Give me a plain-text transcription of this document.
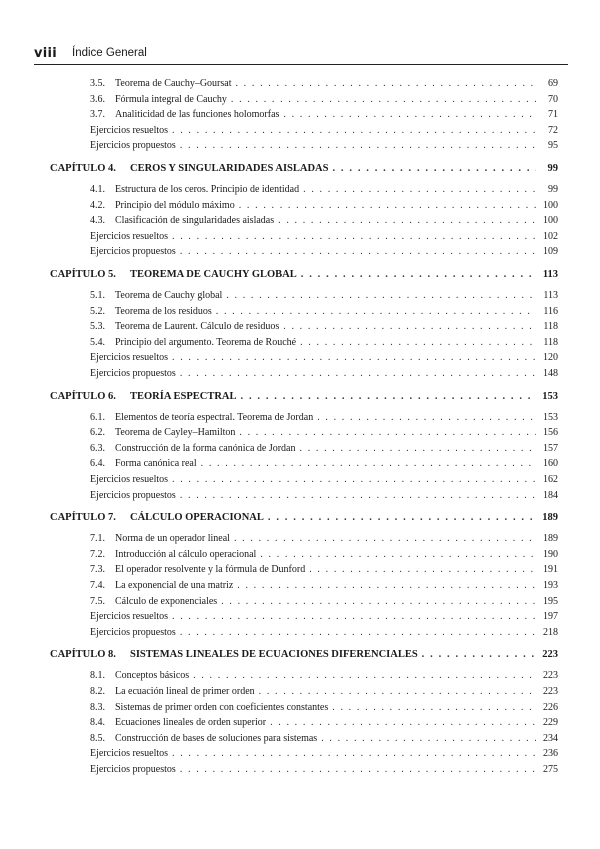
viii Índice General
3.5. Teorema de Cauchy–Goursat . . .	69
3.6. Fórmula integral de Cauchy . . .	70
3.7. Analiticidad de las funciones holomorfas . . .	71
Ejercicios resueltos . . .	72
Ejercicios propuestos . . .	95
CAPÍTULO 4. CEROS Y SINGULARIDADES AISLADAS . . .	99
4.1. Estructura de los ceros. Principio de identidad . . .	99
4.2. Principio del módulo máximo . . .	100
4.3. Clasificación de singularidades aisladas . . .	100
Ejercicios resueltos . . .	102
Ejercicios propuestos . . .	109
CAPÍTULO 5. TEOREMA DE CAUCHY GLOBAL . . .	113
5.1. Teorema de Cauchy global . . .	113
5.2. Teorema de los residuos . . .	116
5.3. Teorema de Laurent. Cálculo de residuos . . .	118
5.4. Principio del argumento. Teorema de Rouché . . .	118
Ejercicios resueltos . . .	120
Ejercicios propuestos . . .	148
CAPÍTULO 6. TEORÍA ESPECTRAL . . .	153
6.1. Elementos de teoría espectral. Teorema de Jordan . . .	153
6.2. Teorema de Cayley–Hamilton . . .	156
6.3. Construcción de la forma canónica de Jordan . . .	157
6.4. Forma canónica real . . .	160
Ejercicios resueltos . . .	162
Ejercicios propuestos . . .	184
CAPÍTULO 7. CÁLCULO OPERACIONAL . . .	189
7.1. Norma de un operador lineal . . .	189
7.2. Introducción al cálculo operacional . . .	190
7.3. El operador resolvente y la fórmula de Dunford . . .	191
7.4. La exponencial de una matriz . . .	193
7.5. Cálculo de exponenciales . . .	195
Ejercicios resueltos . . .	197
Ejercicios propuestos . . .	218
CAPÍTULO 8. SISTEMAS LINEALES DE ECUACIONES DIFERENCIALES . . .	223
8.1. Conceptos básicos . . .	223
8.2. La ecuación lineal de primer orden . . .	223
8.3. Sistemas de primer orden con coeficientes constantes . . .	226
8.4. Ecuaciones lineales de orden superior . . .	229
8.5. Construcción de bases de soluciones para sistemas . . .	234
Ejercicios resueltos . . .	236
Ejercicios propuestos . . .	275
